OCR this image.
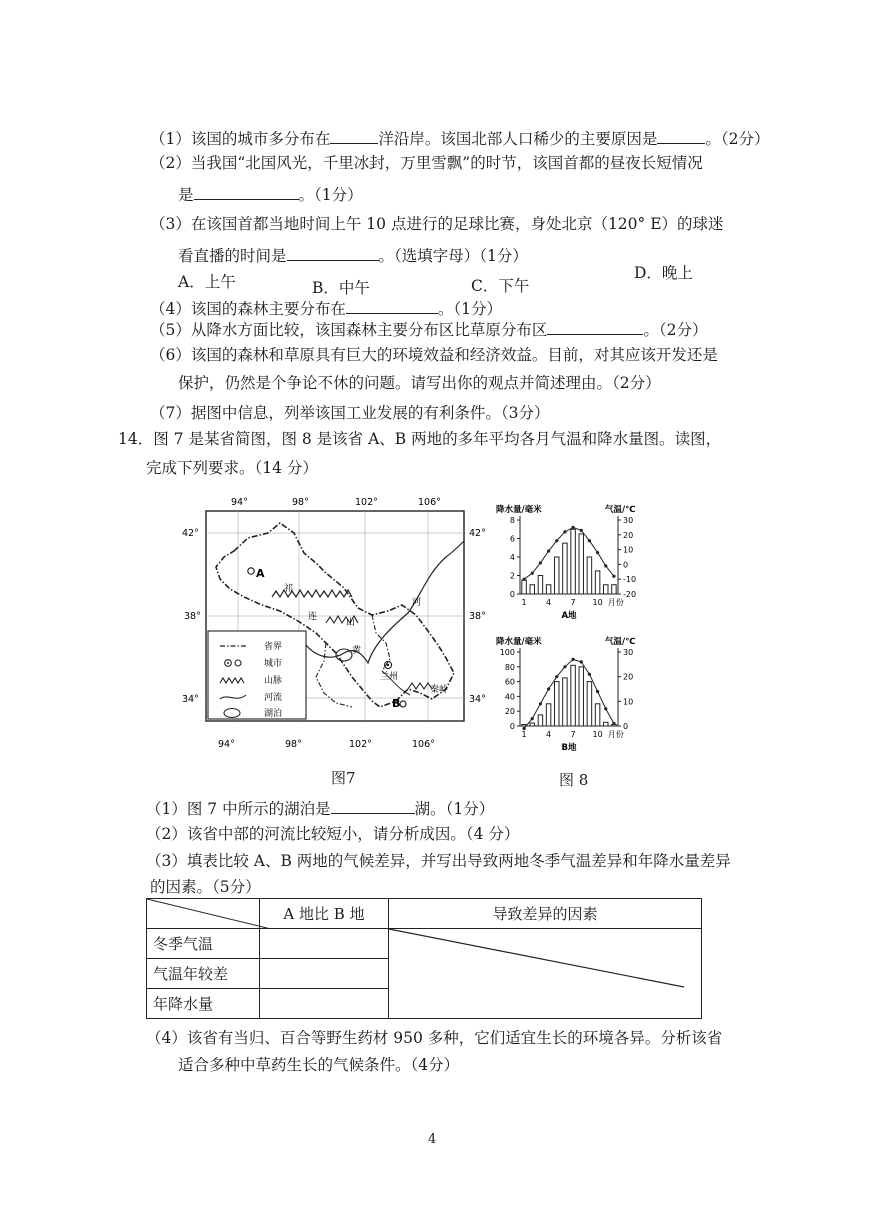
（1）该国的城市多分布在	洋沿岸。该国北部人口稀少的主要原因是	。（2分）
（2）当我国“北国风光，千里冰封，万里雪飘”的时节，该国首都的昼夜长短情况
是	。（1分）
（3）在该国首都当地时间上午 10 点进行的足球比赛，身处北京（120° E）的球迷
看直播的时间是	。（选填字母）（1分）
A．上午	B．中午	C．下午
D．晚上
（4）该国的森林主要分布在	。（1分）
（5）从降水方面比较，该国森林主要分布区比草原分布区	。（2分）
（6）该国的森林和草原具有巨大的环境效益和经济效益。目前，对其应该开发还是
保护，仍然是个争论不休的问题。请写出你的观点并简述理由。（2分）
（7）据图中信息，列举该国工业发展的有利条件。（3分）
14．图 7 是某省简图，图 8 是该省 A、B 两地的多年平均各月气温和降水量图。读图，
完成下列要求。（14 分）
94°	98°	102°	106°
94°	98°	102°	106°
42°
38°
34°
42°
38°
34°
A
B
兰州
秦岭
河
黄
祁
连
山
省界
城市
山脉
河流
湖泊
降水量/毫米	气温/℃
0
2
4
6
8
-20
-10
0
10
20
30
1 4 7 10 月份
A地
降水量/毫米	气温/℃
0
20
40
60
80
100
0
10
20
30
1 4 7 10 月份
B地
图7	图 8
（1）图 7 中所示的湖泊是	湖。（1分）
（2）该省中部的河流比较短小，请分析成因。（4 分）
（3）填表比较 A、B 两地的气候差异，并写出导致两地冬季气温差异和年降水量差异
的因素。（5分）
	A 地比 B 地	导致差异的因素
冬季气温		

气温年较差		
年降水量		
（4）该省有当归、百合等野生药材 950 多种，它们适宜生长的环境各异。分析该省
适合多种中草药生长的气候条件。（4分）
4
